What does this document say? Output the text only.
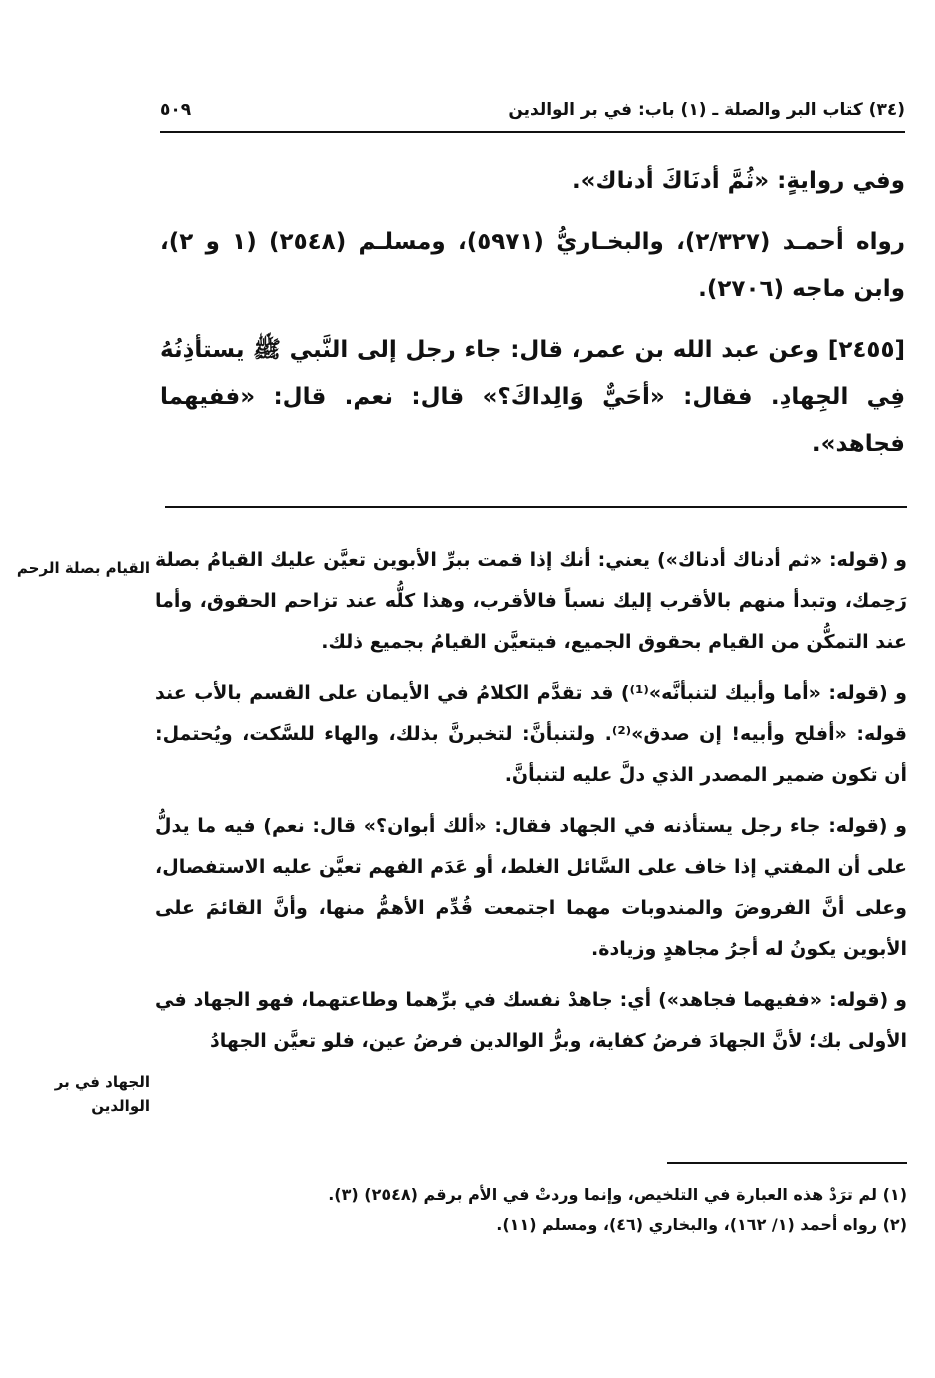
(٣٤) كتاب البر والصلة ـ (١) باب: في بر الوالدين
٥٠٩

وفي روايةٍ: «ثُمَّ أدنَاكَ أدناك».

رواه أحمـد (٢/٣٢٧)، والبخـاريُّ (٥٩٧١)، ومسلـم (٢٥٤٨) (١ و ٢)، وابن ماجه (٢٧٠٦).

[٢٤٥٥] وعن عبد الله بن عمر، قال: جاء رجل إلى النَّبي ﷺ يستأذِنُهُ فِي الجِهادِ. فقال: «أحَيٌّ وَالِداكَ؟» قال: نعم. قال: «ففيهما فجاهد».

و (قوله: «ثم أدناك أدناك») يعني: أنك إذا قمت ببرِّ الأبوين تعيَّن عليك القيامُ بصلة رَحِمك، وتبدأ منهم بالأقرب إليك نسباً فالأقرب، وهذا كلُّه عند تزاحم الحقوق، وأما عند التمكُّن من القيام بحقوق الجميع، فيتعيَّن القيامُ بجميع ذلك.

و (قوله: «أما وأبيك لتنبأنَّه»⁽¹⁾) قد تقدَّم الكلامُ في الأيمان على القسم بالأب عند قوله: «أفلح وأبيه! إن صدق»⁽²⁾. ولتنبأنَّ: لتخبرنَّ بذلك، والهاء للسَّكت، ويُحتمل: أن تكون ضمير المصدر الذي دلَّ عليه لتنبأنَّ.

و (قوله: جاء رجل يستأذنه في الجهاد فقال: «ألك أبوان؟» قال: نعم) فيه ما يدلُّ على أن المفتي إذا خاف على السَّائل الغلط، أو عَدَم الفهم تعيَّن عليه الاستفصال، وعلى أنَّ الفروضَ والمندوبات مهما اجتمعت قُدِّم الأهمُّ منها، وأنَّ القائمَ على الأبوين يكونُ له أجرُ مجاهدٍ وزيادة.

و (قوله: «ففيهما فجاهد») أي: جاهدْ نفسك في برِّهما وطاعتهما، فهو الجهاد في الأولى بك؛ لأنَّ الجهادَ فرضُ كفاية، وبرُّ الوالدين فرضُ عين، فلو تعيَّن الجهادُ

القيام بصلة الرحم
الجهاد في بر الوالدين
(١) لم ترَدْ هذه العبارة في التلخيص، وإنما وردتْ في الأم برقم (٢٥٤٨) (٣).
(٢) رواه أحمد (١/ ١٦٢)، والبخاري (٤٦)، ومسلم (١١).
